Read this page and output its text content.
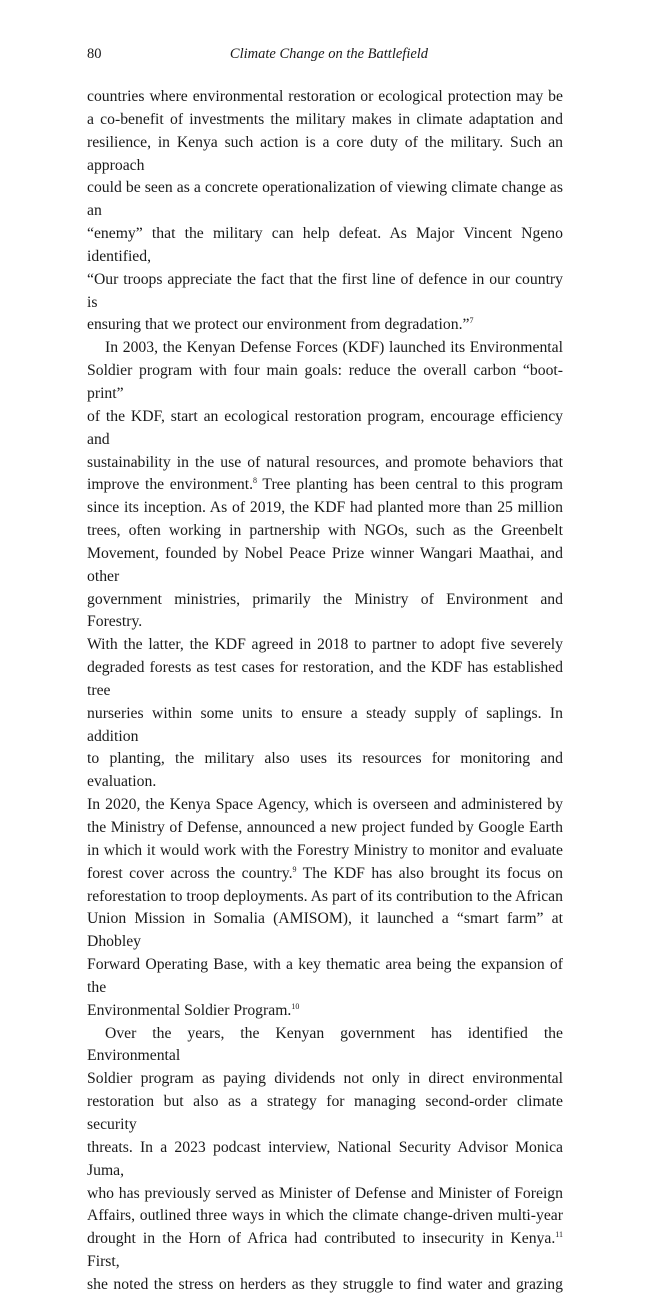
80	Climate Change on the Battlefield

countries where environmental restoration or ecological protection may be

a co-benefit of investments the military makes in climate adaptation and

resilience, in Kenya such action is a core duty of the military. Such an approach

could be seen as a concrete operationalization of viewing climate change as an

“enemy” that the military can help defeat. As Major Vincent Ngeno identified,

“Our troops appreciate the fact that the first line of defence in our country is

ensuring that we protect our environment from degradation.”$^7$

In 2003, the Kenyan Defense Forces (KDF) launched its Environmental

Soldier program with four main goals: reduce the overall carbon “boot-print”

of the KDF, start an ecological restoration program, encourage efficiency and

sustainability in the use of natural resources, and promote behaviors that

improve the environment.$^8$ Tree planting has been central to this program

since its inception. As of 2019, the KDF had planted more than 25 million

trees, often working in partnership with NGOs, such as the Greenbelt

Movement, founded by Nobel Peace Prize winner Wangari Maathai, and other

government ministries, primarily the Ministry of Environment and Forestry.

With the latter, the KDF agreed in 2018 to partner to adopt five severely

degraded forests as test cases for restoration, and the KDF has established tree

nurseries within some units to ensure a steady supply of saplings. In addition

to planting, the military also uses its resources for monitoring and evaluation.

In 2020, the Kenya Space Agency, which is overseen and administered by

the Ministry of Defense, announced a new project funded by Google Earth

in which it would work with the Forestry Ministry to monitor and evaluate

forest cover across the country.$^9$ The KDF has also brought its focus on

reforestation to troop deployments. As part of its contribution to the African

Union Mission in Somalia (AMISOM), it launched a “smart farm” at Dhobley

Forward Operating Base, with a key thematic area being the expansion of the

Environmental Soldier Program.$^{10}$

Over the years, the Kenyan government has identified the Environmental

Soldier program as paying dividends not only in direct environmental

restoration but also as a strategy for managing second-order climate security

threats. In a 2023 podcast interview, National Security Advisor Monica Juma,

who has previously served as Minister of Defense and Minister of Foreign

Affairs, outlined three ways in which the climate change-driven multi-year

drought in the Horn of Africa had contributed to insecurity in Kenya.$^{11}$ First,

she noted the stress on herders as they struggle to find water and grazing
